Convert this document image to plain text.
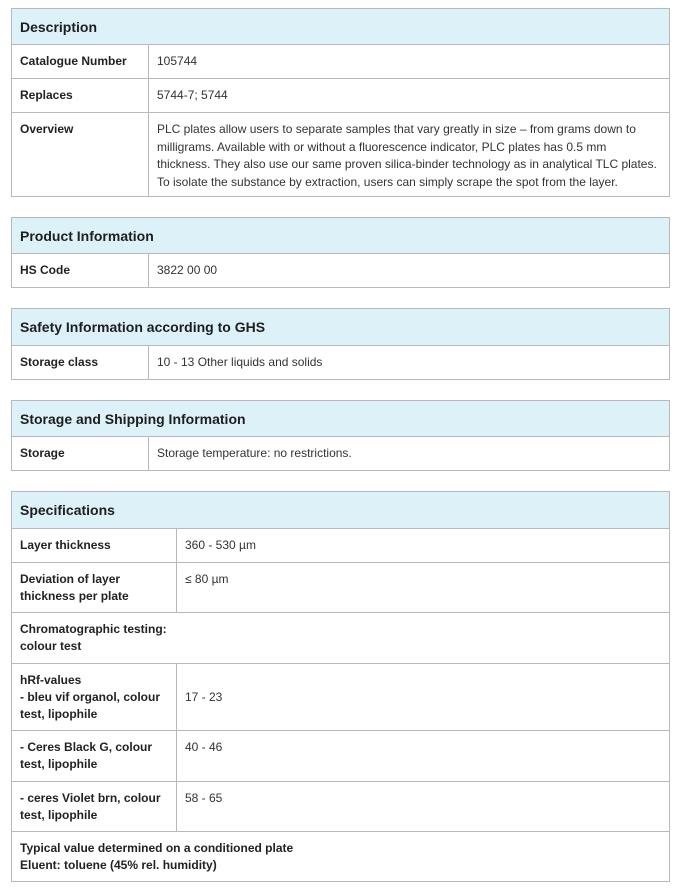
Description	
Catalogue Number	105744
Replaces	5744-7; 5744
Overview	PLC plates allow users to separate samples that vary greatly in size – from grams down to

milligrams. Available with or without a fluorescence indicator, PLC plates has 0.5 mm

thickness. They also use our same proven silica-binder technology as in analytical TLC plates.

To isolate the substance by extraction, users can simply scrape the spot from the layer.

Product Information
HS Code	3822 00 00
Safety Information according to GHS
Storage class	10 - 13 Other liquids and solids
Storage and Shipping Information
Storage	Storage temperature: no restrictions.
Specifications	

Layer thickness	360 - 530 µm

Deviation of layer

thickness per plate	≤ 80 µm

Chromatographic testing:

colour test	

hRf-values

- bleu vif organol, colour

test, lipophile	17 - 23

- Ceres Black G, colour

test, lipophile	40 - 46

- ceres Violet brn, colour

test, lipophile	58 - 65

Typical value determined on a conditioned plate

Eluent: toluene (45% rel. humidity)	
